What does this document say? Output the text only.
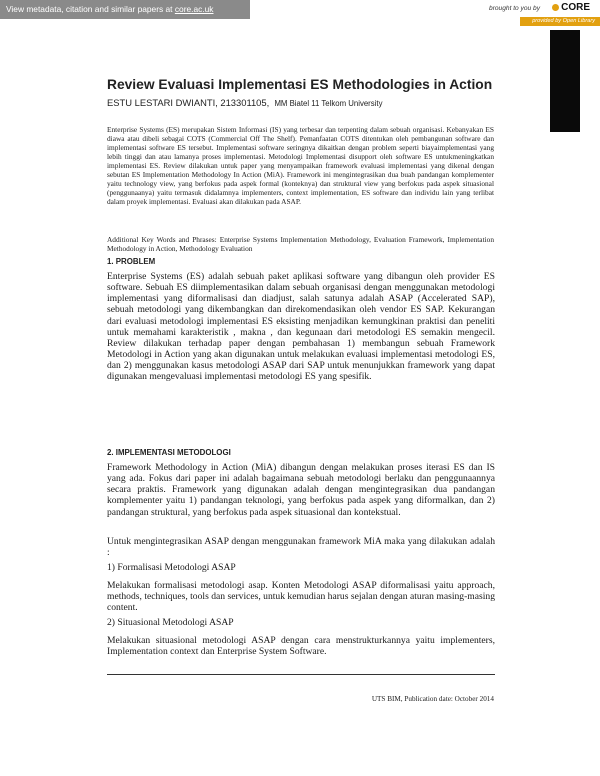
View metadata, citation and similar papers at core.ac.uk	brought to you by CORE
provided by Open Library
Review Evaluasi Implementasi ES Methodologies in Action
ESTU LESTARI DWIANTI, 213301105, MM Biatel 11 Telkom University

Enterprise Systems (ES) merupakan Sistem Informasi (IS) yang terbesar dan terpenting dalam sebuah organisasi. Kebanyakan ES diawa atau dibeli sebagai COTS (Commercial Off The Shelf). Pemanfaatan COTS ditentukan oleh pembangunan software dan implementasi software ES tersebut. Implementasi software seringnya dikaitkan dengan problem seperti biayaimplementasi yang lebih tinggi dan atau lamanya proses implementasi. Metodologi Implementasi disupport oleh software ES untukmeningkatkan implementasi ES. Review dilakukan untuk paper yang menyampaikan framework evaluasi implementasi yang dikenal dengan sebutan ES Implementation Methodology In Action (MiA). Framework ini mengintegrasikan dua buah pandangan komplementer yaitu technology view, yang berfokus pada aspek formal (konteknya) dan struktural view yang berfokus pada aspek situasional (penggunaanya) yaitu termasuk didalamnya implementers, context implementation, ES software dan individu lain yang terlibat dalam proyek implementasi. Evaluasi akan dilakukan pada ASAP.

Additional Key Words and Phrases: Enterprise Systems Implementation Methodology, Evaluation Framework, Implementation Methodology in Action, Methodology Evaluation

1. PROBLEM

Enterprise Systems (ES) adalah sebuah paket aplikasi software yang dibangun oleh provider ES software. Sebuah ES diimplementasikan dalam sebuah organisasi dengan menggunakan metodologi implementasi yang diformalisasi dan diadjust, salah satunya adalah ASAP (Accelerated SAP), sebuah metodologi yang dikembangkan dan direkomendasikan oleh vendor ES SAP. Kekurangan dari evaluasi metodologi implementasi ES eksisting menjadikan kemungkinan praktisi dan peneliti untuk memahami karakteristik , makna , dan kegunaan dari metodologi ES semakin mengecil. Review dilakukan terhadap paper dengan pembahasan 1) membangun sebuah Framework Metodologi in Action yang akan digunakan untuk melakukan evaluasi implementasi metodologi ES, dan 2) menggunakan kasus metodologi ASAP dari SAP untuk menunjukkan framework yang dapat digunakan mengevaluasi implementasi metodologi ES yang spesifik.

2. IMPLEMENTASI METODOLOGI

Framework Methodology in Action (MiA) dibangun dengan melakukan proses iterasi ES dan IS yang ada. Fokus dari paper ini adalah bagaimana sebuah metodologi berlaku dan penggunaannya secara praktis. Framework yang digunakan adalah dengan mengintegrasikan dua pandangan komplementer yaitu 1) pandangan teknologi, yang berfokus pada aspek yang diformalkan, dan 2) pandangan struktural, yang berfokus pada aspek situasional dan kontekstual.

Untuk mengintegrasikan ASAP dengan menggunakan framework MiA maka yang dilakukan adalah :

1) Formalisasi Metodologi ASAP

Melakukan formalisasi metodologi asap. Konten Metodologi ASAP diformalisasi yaitu approach, methods, techniques, tools dan services, untuk kemudian harus sejalan dengan aturan masing-masing content.

2) Situasional Metodologi ASAP

Melakukan situasional metodologi ASAP dengan cara menstrukturkannya yaitu implementers, Implementation context dan Enterprise System Software.

UTS BIM, Publication date: October 2014
